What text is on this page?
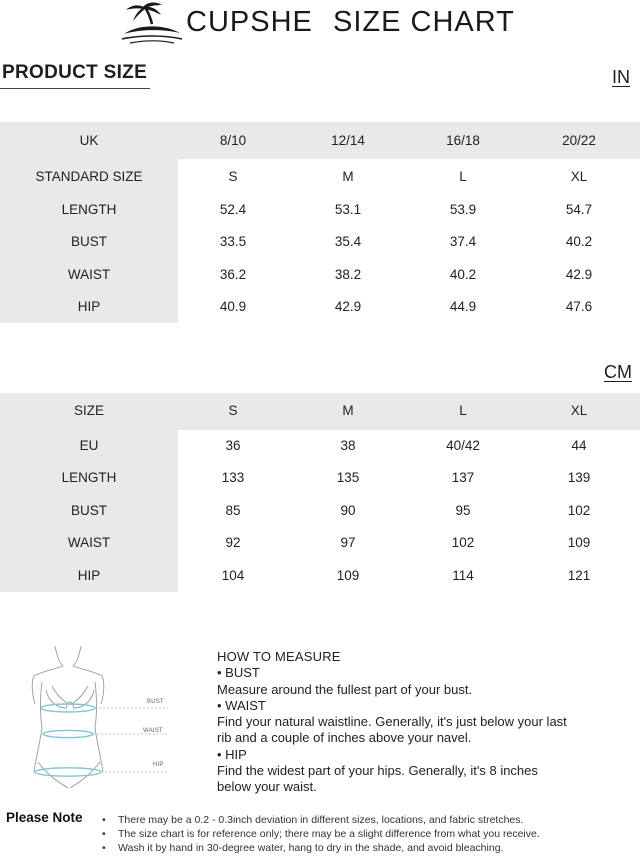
CUPSHE SIZE CHART
PRODUCT SIZE	IN
UK	8/10	12/14	16/18	20/22
STANDARD SIZE	S	M	L	XL
LENGTH	52.4	53.1	53.9	54.7
BUST	33.5	35.4	37.4	40.2
WAIST	36.2	38.2	40.2	42.9
HIP	40.9	42.9	44.9	47.6
CM
SIZE	S	M	L	XL
EU	36	38	40/42	44
LENGTH	133	135	137	139
BUST	85	90	95	102
WAIST	92	97	102	109
HIP	104	109	114	121
BUST
WAIST
HIP
HOW TO MEASURE
• BUST
Measure around the fullest part of your bust.
• WAIST
Find your natural waistline. Generally, it's just below your last
rib and a couple of inches above your navel.
• HIP
Find the widest part of your hips. Generally, it's 8 inches
below your waist.
Please Note
•	There may be a 0.2 - 0.3inch deviation in different sizes, locations, and fabric stretches.
• The size chart is for reference only; there may be a slight difference from what you receive.
• Wash it by hand in 30-degree water, hang to dry in the shade, and avoid bleaching.
